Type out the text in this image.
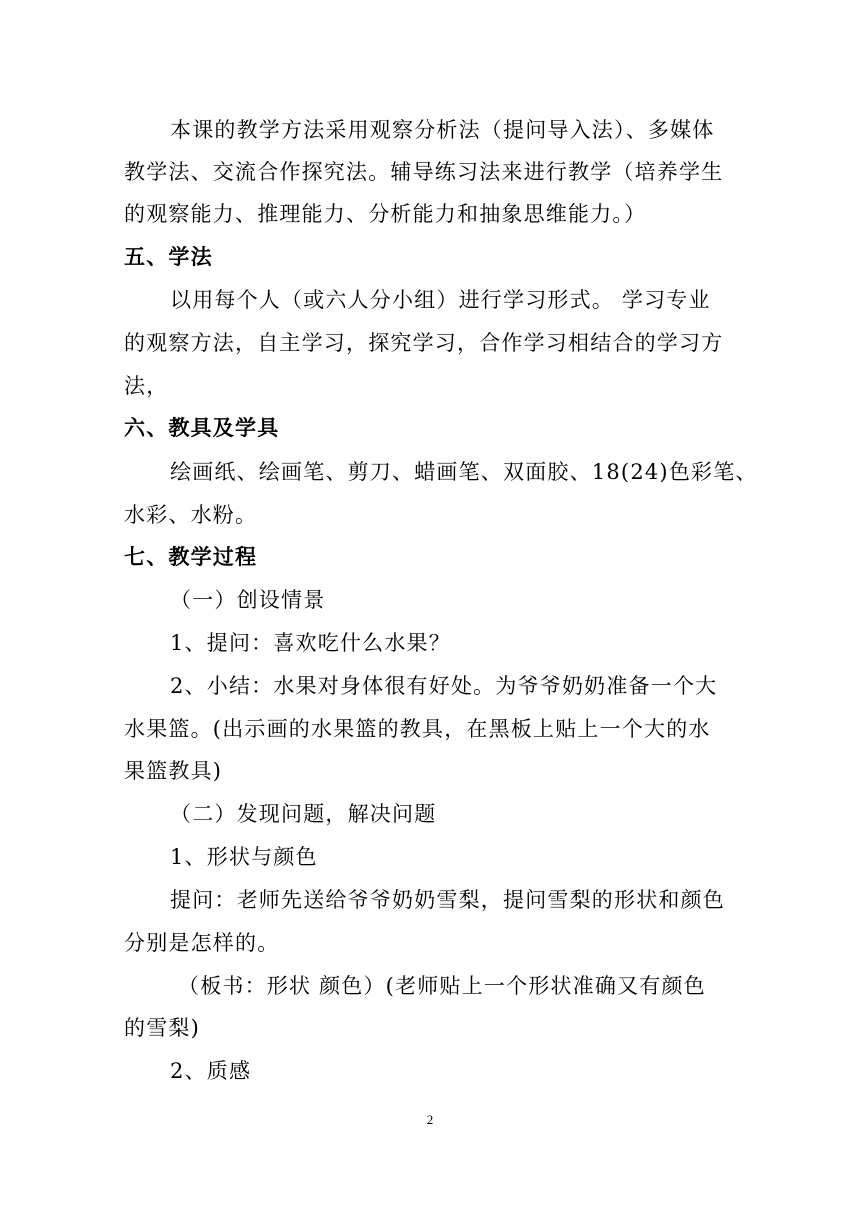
本课的教学方法采用观察分析法（提问导入法）、多媒体
教学法、交流合作探究法。辅导练习法来进行教学（培养学生
的观察能力、推理能力、分析能力和抽象思维能力。）
五、学法
以用每个人（或六人分小组）进行学习形式。 学习专业
的观察方法，自主学习，探究学习，合作学习相结合的学习方
法，
六、教具及学具
绘画纸、绘画笔、剪刀、蜡画笔、双面胶、18(24)色彩笔、
水彩、水粉。
七、教学过程
（一）创设情景
1、提问：喜欢吃什么水果？
2、小结：水果对身体很有好处。为爷爷奶奶准备一个大
水果篮。(出示画的水果篮的教具，在黑板上贴上一个大的水
果篮教具)
（二）发现问题，解决问题
1、形状与颜色
提问：老师先送给爷爷奶奶雪梨，提问雪梨的形状和颜色
分别是怎样的。
（板书：形状 颜色）(老师贴上一个形状准确又有颜色
的雪梨)
2、质感
2
